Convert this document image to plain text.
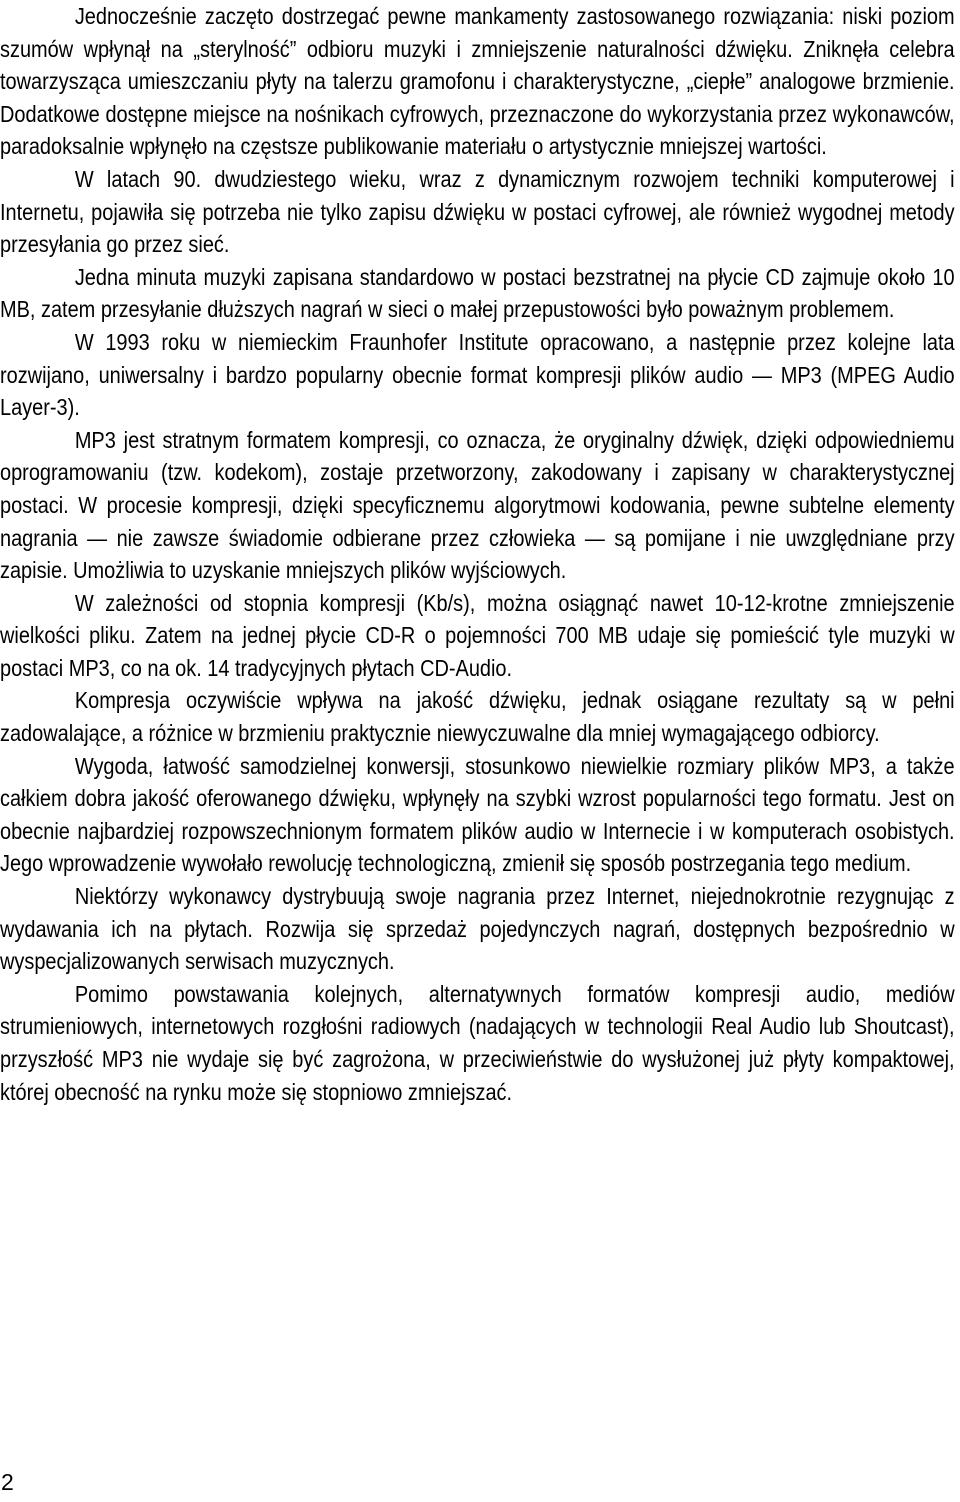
Jednocześnie zaczęto dostrzegać pewne mankamenty zastosowanego rozwiązania: niski poziom szumów wpłynął na „sterylność” odbioru muzyki i zmniejszenie naturalności dźwięku. Zniknęła celebra towarzysząca umieszczaniu płyty na talerzu gramofonu i charakterystyczne, „ciepłe” analogowe brzmienie. Dodatkowe dostępne miejsce na nośnikach cyfrowych, przeznaczone do wykorzystania przez wykonawców, paradoksalnie wpłynęło na częstsze publikowanie materiału o artystycznie mniejszej wartości.

W latach 90. dwudziestego wieku, wraz z dynamicznym rozwojem techniki komputerowej i Internetu, pojawiła się potrzeba nie tylko zapisu dźwięku w postaci cyfrowej, ale również wygodnej metody przesyłania go przez sieć.

Jedna minuta muzyki zapisana standardowo w postaci bezstratnej na płycie CD zajmuje około 10 MB, zatem przesyłanie dłuższych nagrań w sieci o małej przepustowości było poważnym problemem.

W 1993 roku w niemieckim Fraunhofer Institute opracowano, a następnie przez kolejne lata rozwijano, uniwersalny i bardzo popularny obecnie format kompresji plików audio — MP3 (MPEG Audio Layer-3).

MP3 jest stratnym formatem kompresji, co oznacza, że oryginalny dźwięk, dzięki odpowiedniemu oprogramowaniu (tzw. kodekom), zostaje przetworzony, zakodowany i zapisany w charakterystycznej postaci. W procesie kompresji, dzięki specyficznemu algorytmowi kodowania, pewne subtelne elementy nagrania — nie zawsze świadomie odbierane przez człowieka — są pomijane i nie uwzględniane przy zapisie. Umożliwia to uzyskanie mniejszych plików wyjściowych.

W zależności od stopnia kompresji (Kb/s), można osiągnąć nawet 10-12-krotne zmniejszenie wielkości pliku. Zatem na jednej płycie CD-R o pojemności 700 MB udaje się pomieścić tyle muzyki w postaci MP3, co na ok. 14 tradycyjnych płytach CD-Audio.

Kompresja oczywiście wpływa na jakość dźwięku, jednak osiągane rezultaty są w pełni zadowalające, a różnice w brzmieniu praktycznie niewyczuwalne dla mniej wymagającego odbiorcy.

Wygoda, łatwość samodzielnej konwersji, stosunkowo niewielkie rozmiary plików MP3, a także całkiem dobra jakość oferowanego dźwięku, wpłynęły na szybki wzrost popularności tego formatu. Jest on obecnie najbardziej rozpowszechnionym formatem plików audio w Internecie i w komputerach osobistych. Jego wprowadzenie wywołało rewolucję technologiczną, zmienił się sposób postrzegania tego medium.

Niektórzy wykonawcy dystrybuują swoje nagrania przez Internet, niejednokrotnie rezygnując z wydawania ich na płytach. Rozwija się sprzedaż pojedynczych nagrań, dostępnych bezpośrednio w wyspecjalizowanych serwisach muzycznych.

Pomimo powstawania kolejnych, alternatywnych formatów kompresji audio, mediów strumieniowych, internetowych rozgłośni radiowych (nadających w technologii Real Audio lub Shoutcast), przyszłość MP3 nie wydaje się być zagrożona, w przeciwieństwie do wysłużonej już płyty kompaktowej, której obecność na rynku może się stopniowo zmniejszać.

2
